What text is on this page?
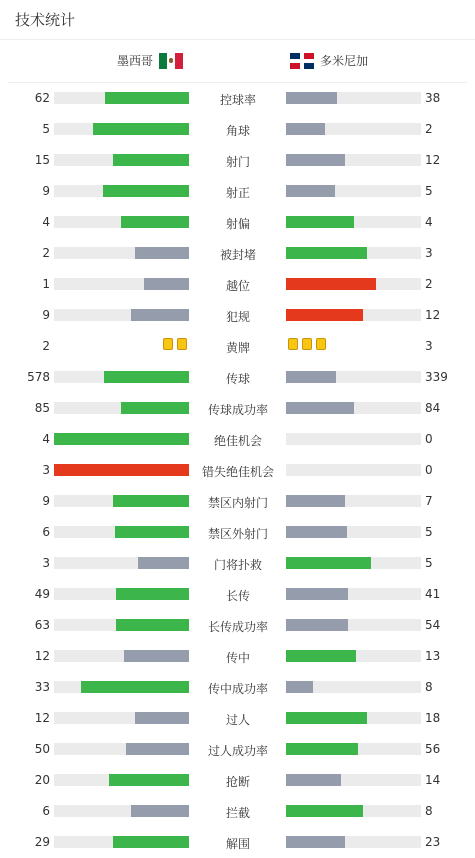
技术统计
墨西哥	多米尼加
62	控球率	38
5	角球	2
15	射门	12
9	射正	5
4	射偏	4
2	被封堵	3
1	越位	2
9	犯规	12
2	黄牌	3
578	传球	339
85	传球成功率	84
4	绝佳机会	0
3	错失绝佳机会	0
9	禁区内射门	7
6	禁区外射门	5
3	门将扑救	5
49	长传	41
63	长传成功率	54
12	传中	13
33	传中成功率	8
12	过人	18
50	过人成功率	56
20	抢断	14
6	拦截	8
29	解围	23
